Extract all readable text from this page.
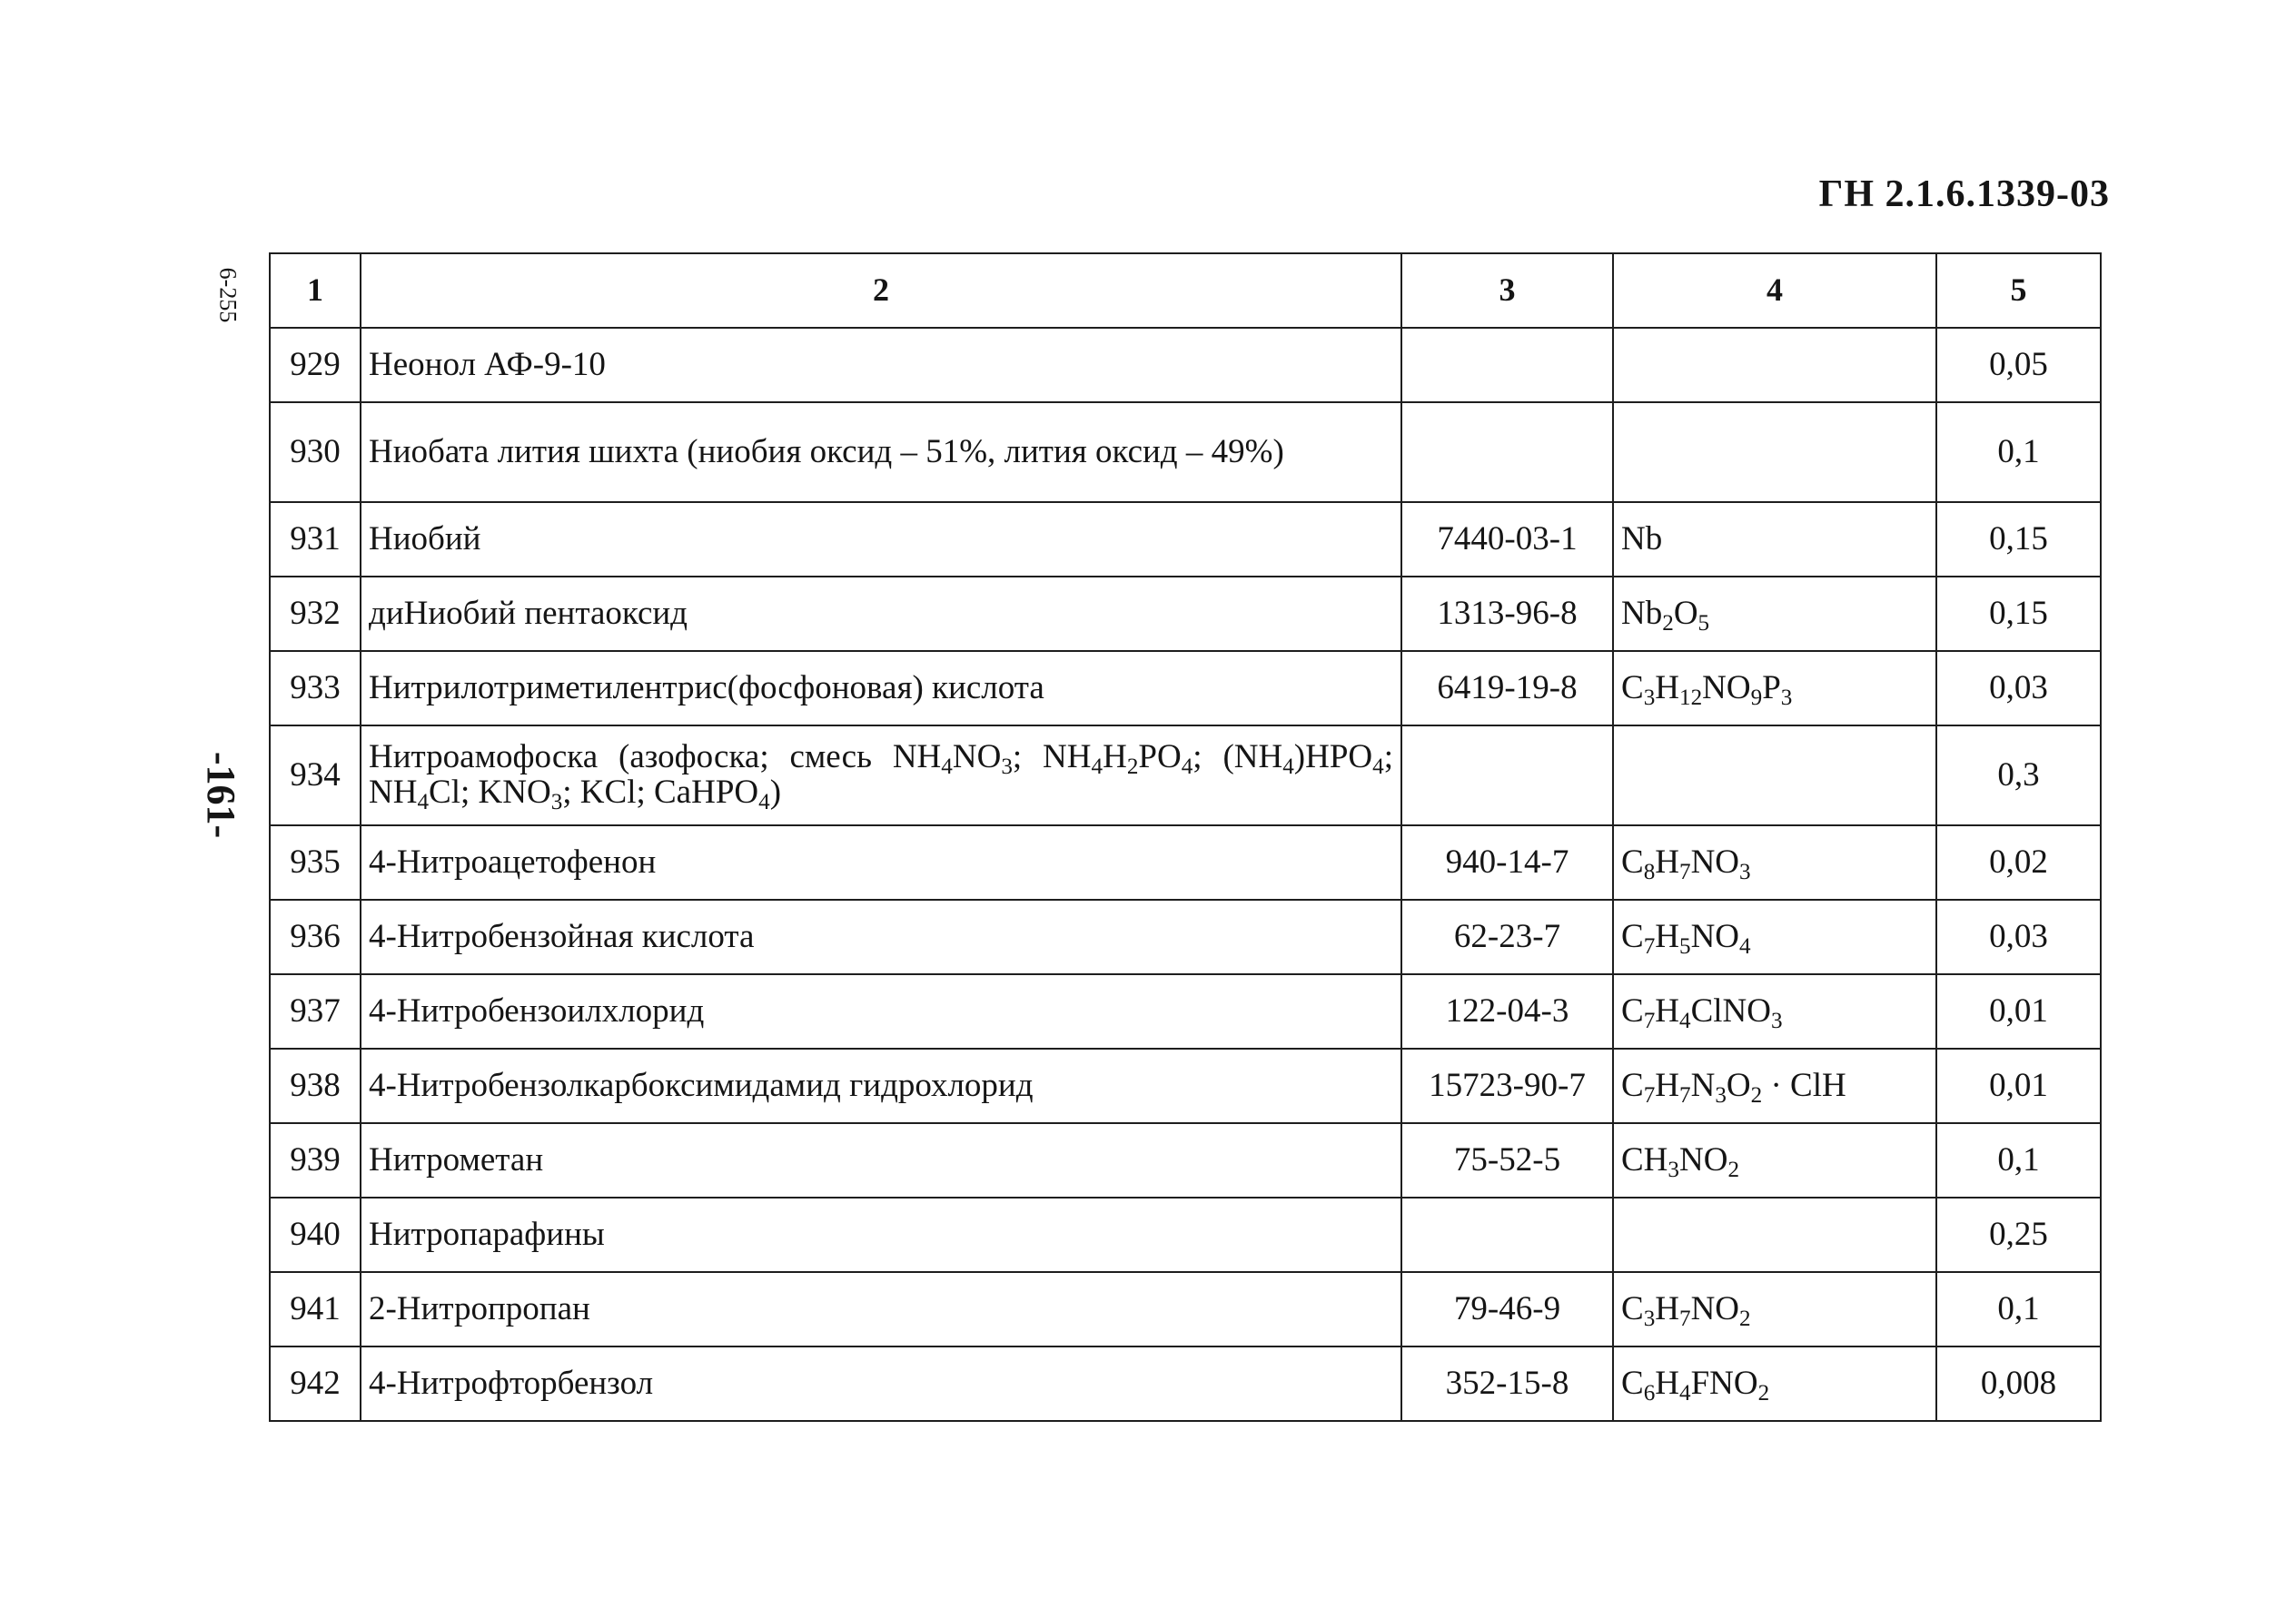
ГН 2.1.6.1339-03
6-255
-161-
1	2	3	4	5
929	Неонол АФ-9-10			0,05
930	Ниобата лития шихта (ниобия оксид – 51%, лития оксид – 49%)			0,1
931	Ниобий	7440-03-1	Nb	0,15
932	диНиобий пентаоксид	1313-96-8	$Nb_2O_5$	0,15
933	Нитрилотриметилентрис(фосфоновая) кислота	6419-19-8	$C_3H_{12}NO_9P_3$	0,03
934	Нитроамофоска (азофоска; смесь $NH_4NO_3$; $NH_4H_2PO_4$; $(NH_4)HPO_4$; $NH_4Cl$; $KNO_3$; KCl; CaHPO$_4$)			0,3
935	4-Нитроацетофенон	940-14-7	$C_8H_7NO_3$	0,02
936	4-Нитробензойная кислота	62-23-7	$C_7H_5NO_4$	0,03
937	4-Нитробензоилхлорид	122-04-3	$C_7H_4ClNO_3$	0,01
938	4-Нитробензолкарбоксимидамид гидрохлорид	15723-90-7	$C_7H_7N_3O_2$ · ClH	0,01
939	Нитрометан	75-52-5	$CH_3NO_2$	0,1
940	Нитропарафины			0,25
941	2-Нитропропан	79-46-9	$C_3H_7NO_2$	0,1
942	4-Нитрофторбензол	352-15-8	$C_6H_4FNO_2$	0,008
